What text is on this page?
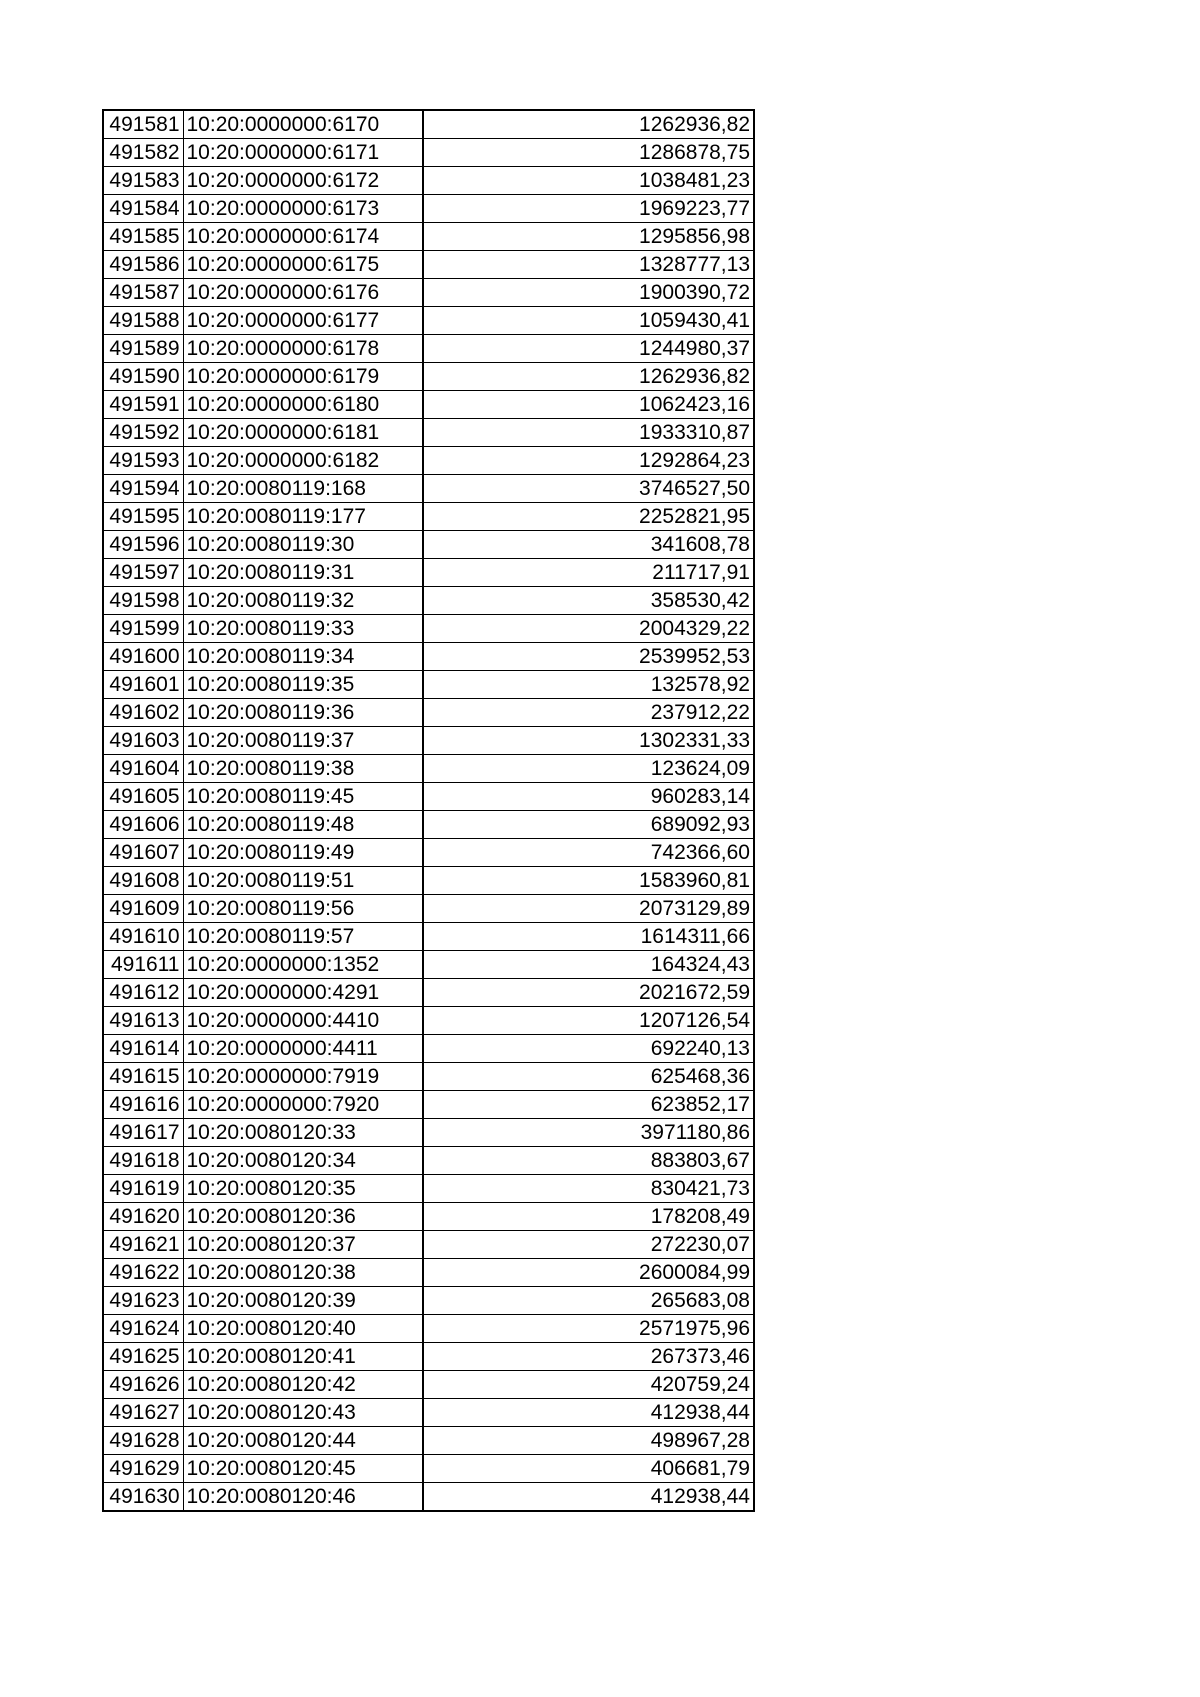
491581	10:20:0000000:6170	1262936,82
491582	10:20:0000000:6171	1286878,75
491583	10:20:0000000:6172	1038481,23
491584	10:20:0000000:6173	1969223,77
491585	10:20:0000000:6174	1295856,98
491586	10:20:0000000:6175	1328777,13
491587	10:20:0000000:6176	1900390,72
491588	10:20:0000000:6177	1059430,41
491589	10:20:0000000:6178	1244980,37
491590	10:20:0000000:6179	1262936,82
491591	10:20:0000000:6180	1062423,16
491592	10:20:0000000:6181	1933310,87
491593	10:20:0000000:6182	1292864,23
491594	10:20:0080119:168	3746527,50
491595	10:20:0080119:177	2252821,95
491596	10:20:0080119:30	341608,78
491597	10:20:0080119:31	211717,91
491598	10:20:0080119:32	358530,42
491599	10:20:0080119:33	2004329,22
491600	10:20:0080119:34	2539952,53
491601	10:20:0080119:35	132578,92
491602	10:20:0080119:36	237912,22
491603	10:20:0080119:37	1302331,33
491604	10:20:0080119:38	123624,09
491605	10:20:0080119:45	960283,14
491606	10:20:0080119:48	689092,93
491607	10:20:0080119:49	742366,60
491608	10:20:0080119:51	1583960,81
491609	10:20:0080119:56	2073129,89
491610	10:20:0080119:57	1614311,66
491611	10:20:0000000:1352	164324,43
491612	10:20:0000000:4291	2021672,59
491613	10:20:0000000:4410	1207126,54
491614	10:20:0000000:4411	692240,13
491615	10:20:0000000:7919	625468,36
491616	10:20:0000000:7920	623852,17
491617	10:20:0080120:33	3971180,86
491618	10:20:0080120:34	883803,67
491619	10:20:0080120:35	830421,73
491620	10:20:0080120:36	178208,49
491621	10:20:0080120:37	272230,07
491622	10:20:0080120:38	2600084,99
491623	10:20:0080120:39	265683,08
491624	10:20:0080120:40	2571975,96
491625	10:20:0080120:41	267373,46
491626	10:20:0080120:42	420759,24
491627	10:20:0080120:43	412938,44
491628	10:20:0080120:44	498967,28
491629	10:20:0080120:45	406681,79
491630	10:20:0080120:46	412938,44
